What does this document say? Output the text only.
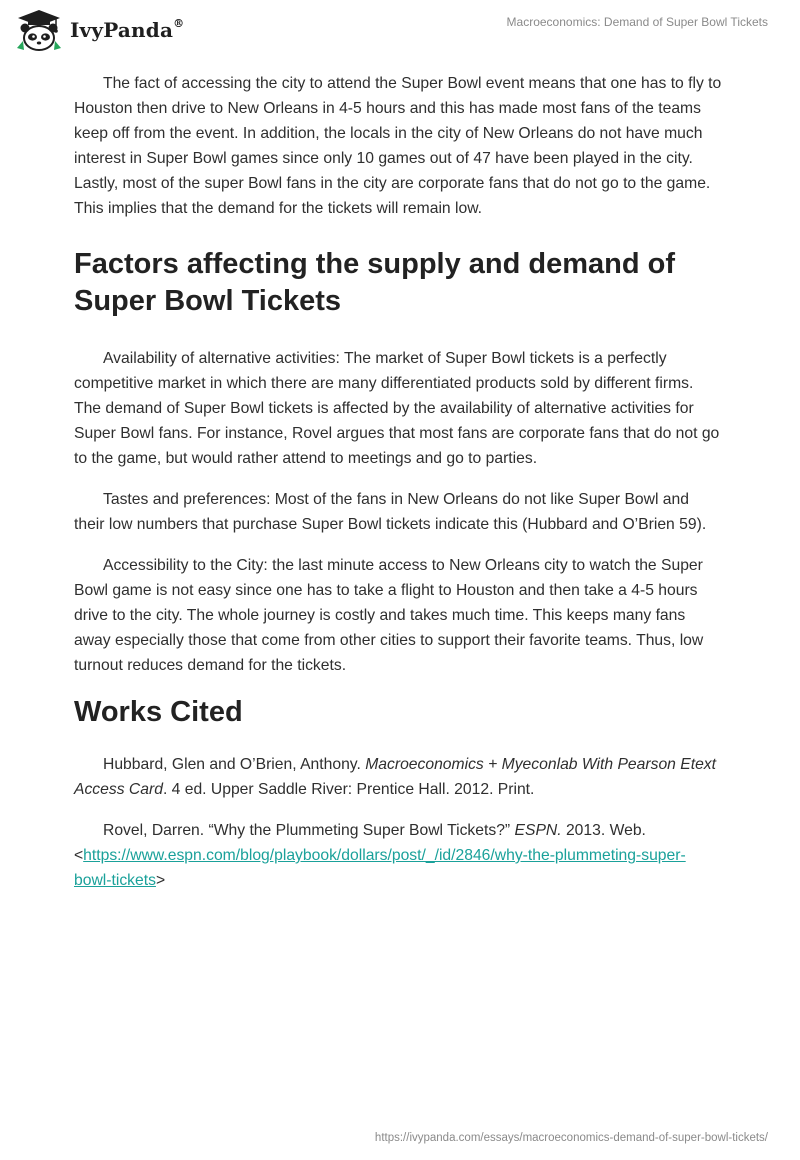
IvyPanda®	Macroeconomics: Demand of Super Bowl Tickets

The fact of accessing the city to attend the Super Bowl event means that one has to fly to Houston then drive to New Orleans in 4-5 hours and this has made most fans of the teams keep off from the event. In addition, the locals in the city of New Orleans do not have much interest in Super Bowl games since only 10 games out of 47 have been played in the city. Lastly, most of the super Bowl fans in the city are corporate fans that do not go to the game. This implies that the demand for the tickets will remain low.

Factors affecting the supply and demand of Super Bowl Tickets

Availability of alternative activities: The market of Super Bowl tickets is a perfectly competitive market in which there are many differentiated products sold by different firms. The demand of Super Bowl tickets is affected by the availability of alternative activities for Super Bowl fans. For instance, Rovel argues that most fans are corporate fans that do not go to the game, but would rather attend to meetings and go to parties.

Tastes and preferences: Most of the fans in New Orleans do not like Super Bowl and their low numbers that purchase Super Bowl tickets indicate this (Hubbard and O’Brien 59).

Accessibility to the City: the last minute access to New Orleans city to watch the Super Bowl game is not easy since one has to take a flight to Houston and then take a 4-5 hours drive to the city. The whole journey is costly and takes much time. This keeps many fans away especially those that come from other cities to support their favorite teams. Thus, low turnout reduces demand for the tickets.

Works Cited

Hubbard, Glen and O’Brien, Anthony. Macroeconomics + Myeconlab With Pearson Etext Access Card. 4 ed. Upper Saddle River: Prentice Hall. 2012. Print.

Rovel, Darren. “Why the Plummeting Super Bowl Tickets?” ESPN. 2013. Web. <https://www.espn.com/blog/playbook/dollars/post/_/id/2846/why-the-plummeting-super-bowl-tickets>

https://ivypanda.com/essays/macroeconomics-demand-of-super-bowl-tickets/
